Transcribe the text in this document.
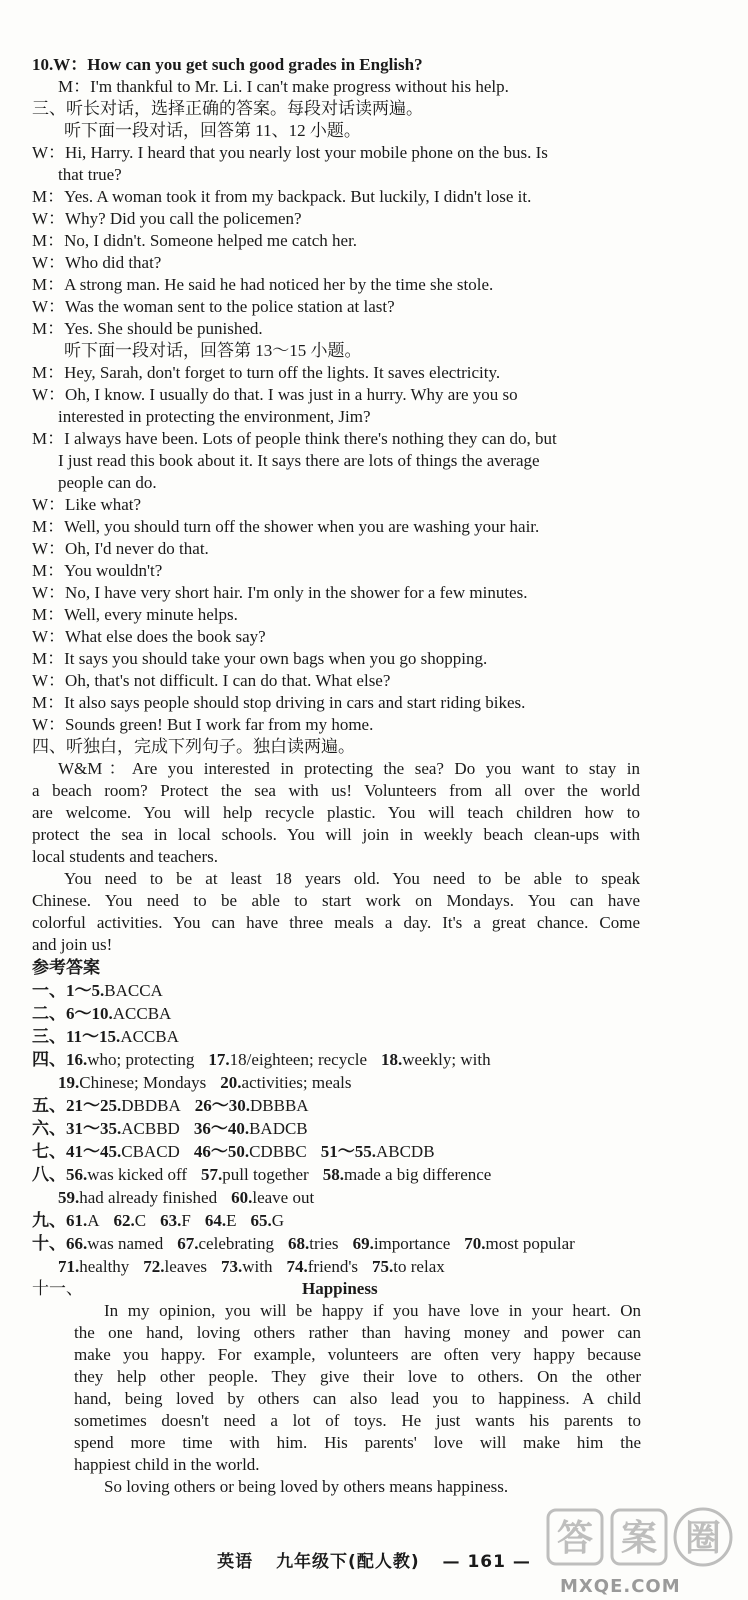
10.W：How can you get such good grades in English?
M：I'm thankful to Mr. Li. I can't make progress without his help.
三、听长对话，选择正确的答案。每段对话读两遍。
听下面一段对话，回答第 11、12 小题。
W：Hi, Harry. I heard that you nearly lost your mobile phone on the bus. Is
that true?
M：Yes. A woman took it from my backpack. But luckily, I didn't lose it.
W：Why? Did you call the policemen?
M：No, I didn't. Someone helped me catch her.
W：Who did that?
M：A strong man. He said he had noticed her by the time she stole.
W：Was the woman sent to the police station at last?
M：Yes. She should be punished.
听下面一段对话，回答第 13～15 小题。
M：Hey, Sarah, don't forget to turn off the lights. It saves electricity.
W：Oh, I know. I usually do that. I was just in a hurry. Why are you so
interested in protecting the environment, Jim?
M：I always have been. Lots of people think there's nothing they can do, but
I just read this book about it. It says there are lots of things the average
people can do.
W：Like what?
M：Well, you should turn off the shower when you are washing your hair.
W：Oh, I'd never do that.
M：You wouldn't?
W：No, I have very short hair. I'm only in the shower for a few minutes.
M：Well, every minute helps.
W：What else does the book say?
M：It says you should take your own bags when you go shopping.
W：Oh, that's not difficult. I can do that. What else?
M：It also says people should stop driving in cars and start riding bikes.
W：Sounds green! But I work far from my home.
四、听独白，完成下列句子。独白读两遍。
W&M：Are you interested in protecting the sea? Do you want to stay in
a beach room? Protect the sea with us! Volunteers from all over the world
are welcome. You will help recycle plastic. You will teach children how to
protect the sea in local schools. You will join in weekly beach clean-ups with
local students and teachers.
You need to be at least 18 years old. You need to be able to speak
Chinese. You need to be able to start work on Mondays. You can have
colorful activities. You can have three meals a day. It's a great chance. Come
and join us!
参考答案
一、1～5.BACCA
二、6～10.ACCBA
三、11～15.ACCBA
四、16.who; protecting 17.18/eighteen; recycle 18.weekly; with
19.Chinese; Mondays 20.activities; meals
五、21～25.DBDBA 26～30.DBBBA
六、31～35.ACBBD 36～40.BADCB
七、41～45.CBACD 46～50.CDBBC 51～55.ABCDB
八、56.was kicked off 57.pull together 58.made a big difference
59.had already finished 60.leave out
九、61.A 62.C 63.F 64.E 65.G
十、66.was named 67.celebrating 68.tries 69.importance 70.most popular
71.healthy 72.leaves 73.with 74.friend's 75.to relax
十一、	Happiness
In my opinion, you will be happy if you have love in your heart. On
the one hand, loving others rather than having money and power can
make you happy. For example, volunteers are often very happy because
they help other people. They give their love to others. On the other
hand, being loved by others can also lead you to happiness. A child
sometimes doesn't need a lot of toys. He just wants his parents to
spend more time with him. His parents' love will make him the
happiest child in the world.
So loving others or being loved by others means happiness.
英语 九年级下(配人教) — 161 —
答 案 圈
MXQE.COM
